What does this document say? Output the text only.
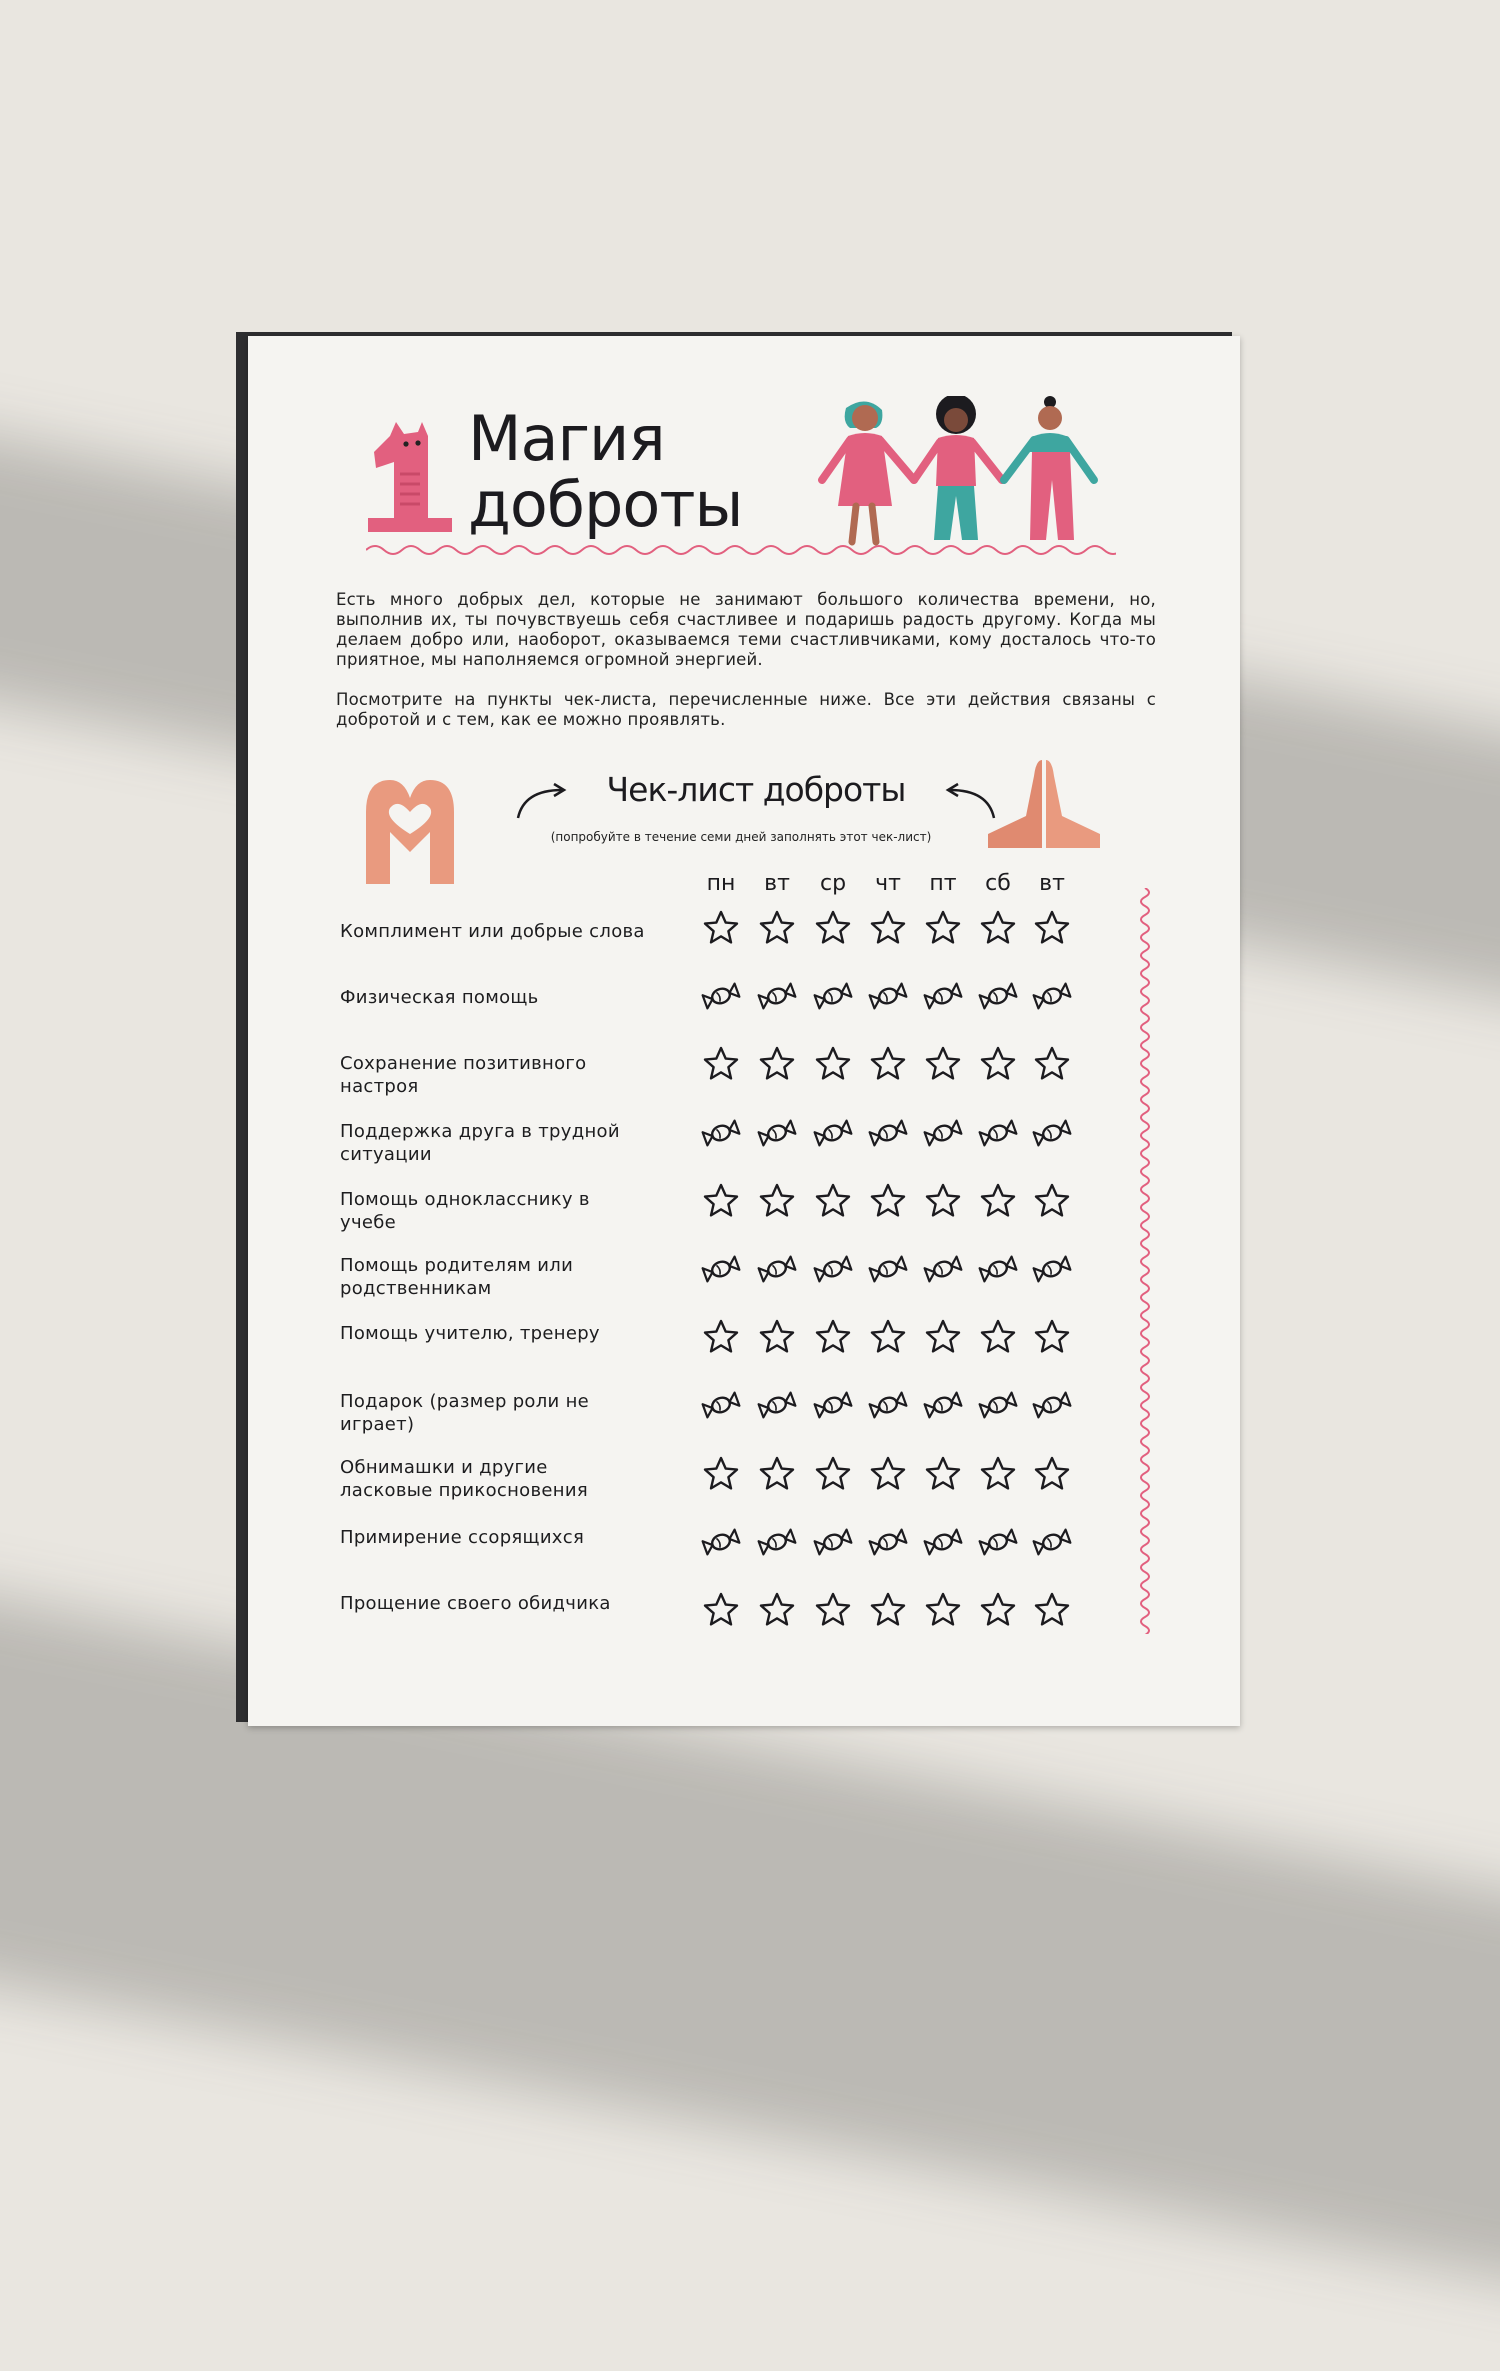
Магия
доброты

Есть много добрых дел, которые не занимают большого количества времени, но, выполнив их, ты почувствуешь себя счастливее и подаришь радость другому. Когда мы делаем добро или, наоборот, оказываемся теми счастливчиками, кому досталось что-то приятное, мы наполняемся огромной энергией.

Посмотрите на пункты чек-листа, перечисленные ниже. Все эти действия связаны с добротой и с тем, как ее можно проявлять.

Чек-лист доброты
(попробуйте в течение семи дней заполнять этот чек-лист)
пн	вт	ср	чт	пт	сб	вт
Комплимент или добрые слова
Физическая помощь
Сохранение позитивного настроя
Поддержка друга в трудной ситуации
Помощь однокласснику в учебе
Помощь родителям или родственникам
Помощь учителю, тренеру
Подарок (размер роли не играет)
Обнимашки и другие ласковые прикосновения
Примирение ссорящихся
Прощение своего обидчика
